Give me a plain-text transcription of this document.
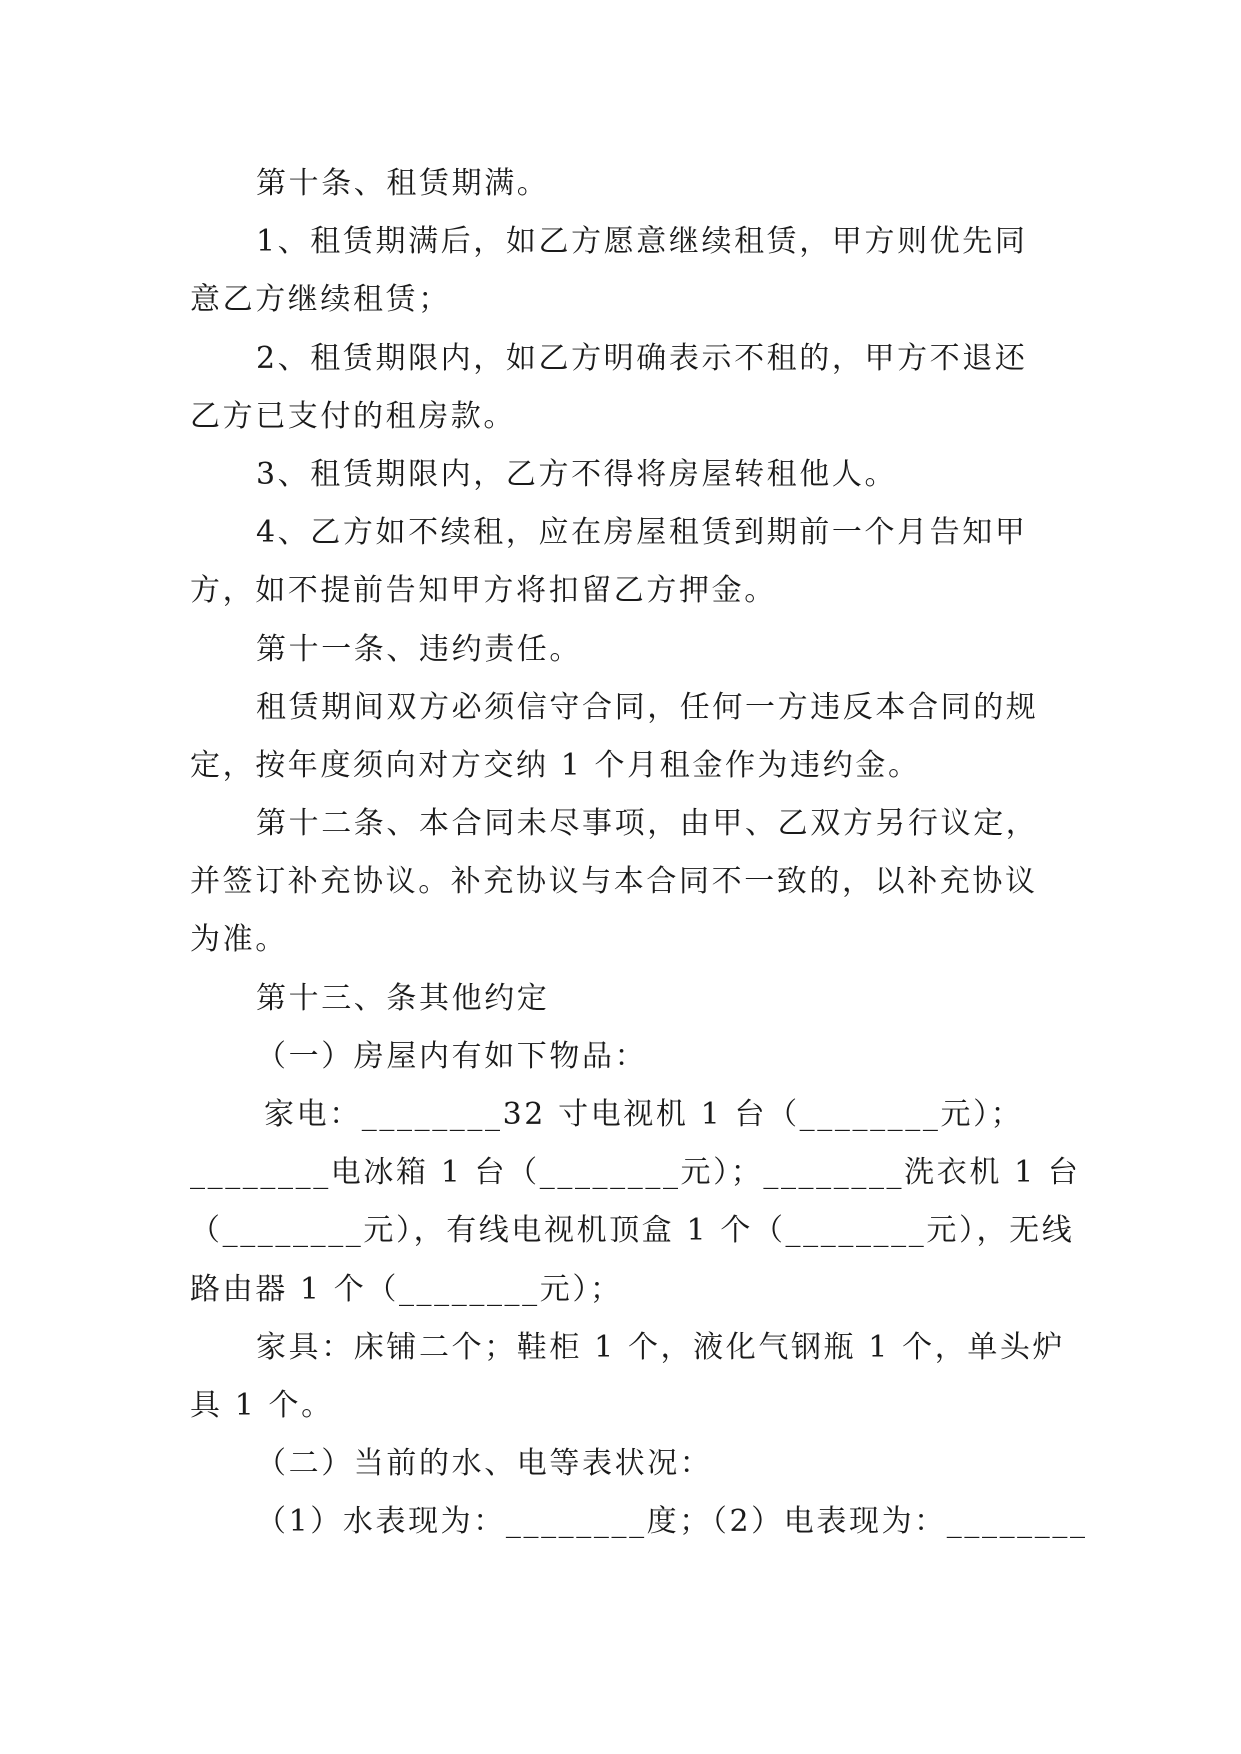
第十条、租赁期满。
1、租赁期满后，如乙方愿意继续租赁，甲方则优先同
意乙方继续租赁；
2、租赁期限内，如乙方明确表示不租的，甲方不退还
乙方已支付的租房款。
3、租赁期限内，乙方不得将房屋转租他人。
4、乙方如不续租，应在房屋租赁到期前一个月告知甲
方，如不提前告知甲方将扣留乙方押金。
第十一条、违约责任。
租赁期间双方必须信守合同，任何一方违反本合同的规
定，按年度须向对方交纳 1 个月租金作为违约金。
第十二条、本合同未尽事项，由甲、乙双方另行议定，
并签订补充协议。补充协议与本合同不一致的，以补充协议
为准。
第十三、条其他约定
（一）房屋内有如下物品：
家电：________32 寸电视机 1 台（________元）；
________电冰箱 1 台（________元）；________洗衣机 1 台
（________元），有线电视机顶盒 1 个（________元），无线
路由器 1 个（________元）；
家具：床铺二个；鞋柜 1 个，液化气钢瓶 1 个，单头炉
具 1 个。
（二）当前的水、电等表状况：
（1）水表现为：________度；（2）电表现为：________
